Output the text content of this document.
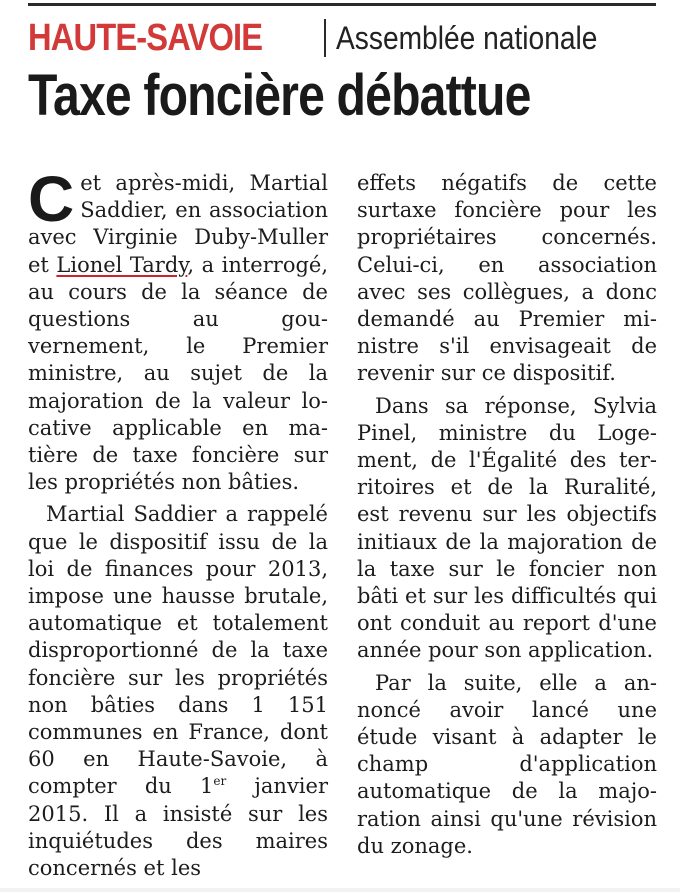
HAUTE-SAVOIE Assemblée nationale
Taxe foncière débattue

Cet après-midi, Martial Saddier, en association avec Virginie Duby-Muller et Lionel Tardy, a interrogé, au cours de la séance de questions au gouvernement, le Premier ministre, au sujet de la majoration de la valeur locative applicable en matière de taxe foncière sur les propriétés non bâties.

Martial Saddier a rappelé que le dispositif issu de la loi de finances pour 2013, impose une hausse brutale, automatique et totalement disproportionné de la taxe foncière sur les propriétés non bâties dans 1 151 communes en France, dont 60 en Haute-Savoie, à compter du 1er janvier 2015. Il a insisté sur les inquiétudes des maires concernés et les

effets négatifs de cette surtaxe foncière pour les propriétaires concernés. Celui-ci, en association avec ses collègues, a donc demandé au Premier ministre s'il envisageait de revenir sur ce dispositif.

Dans sa réponse, Sylvia Pinel, ministre du Logement, de l'Égalité des territoires et de la Ruralité, est revenu sur les objectifs initiaux de la majoration de la taxe sur le foncier non bâti et sur les difficultés qui ont conduit au report d'une année pour son application.

Par la suite, elle a annoncé avoir lancé une étude visant à adapter le champ d'application automatique de la majoration ainsi qu'une révision du zonage.
